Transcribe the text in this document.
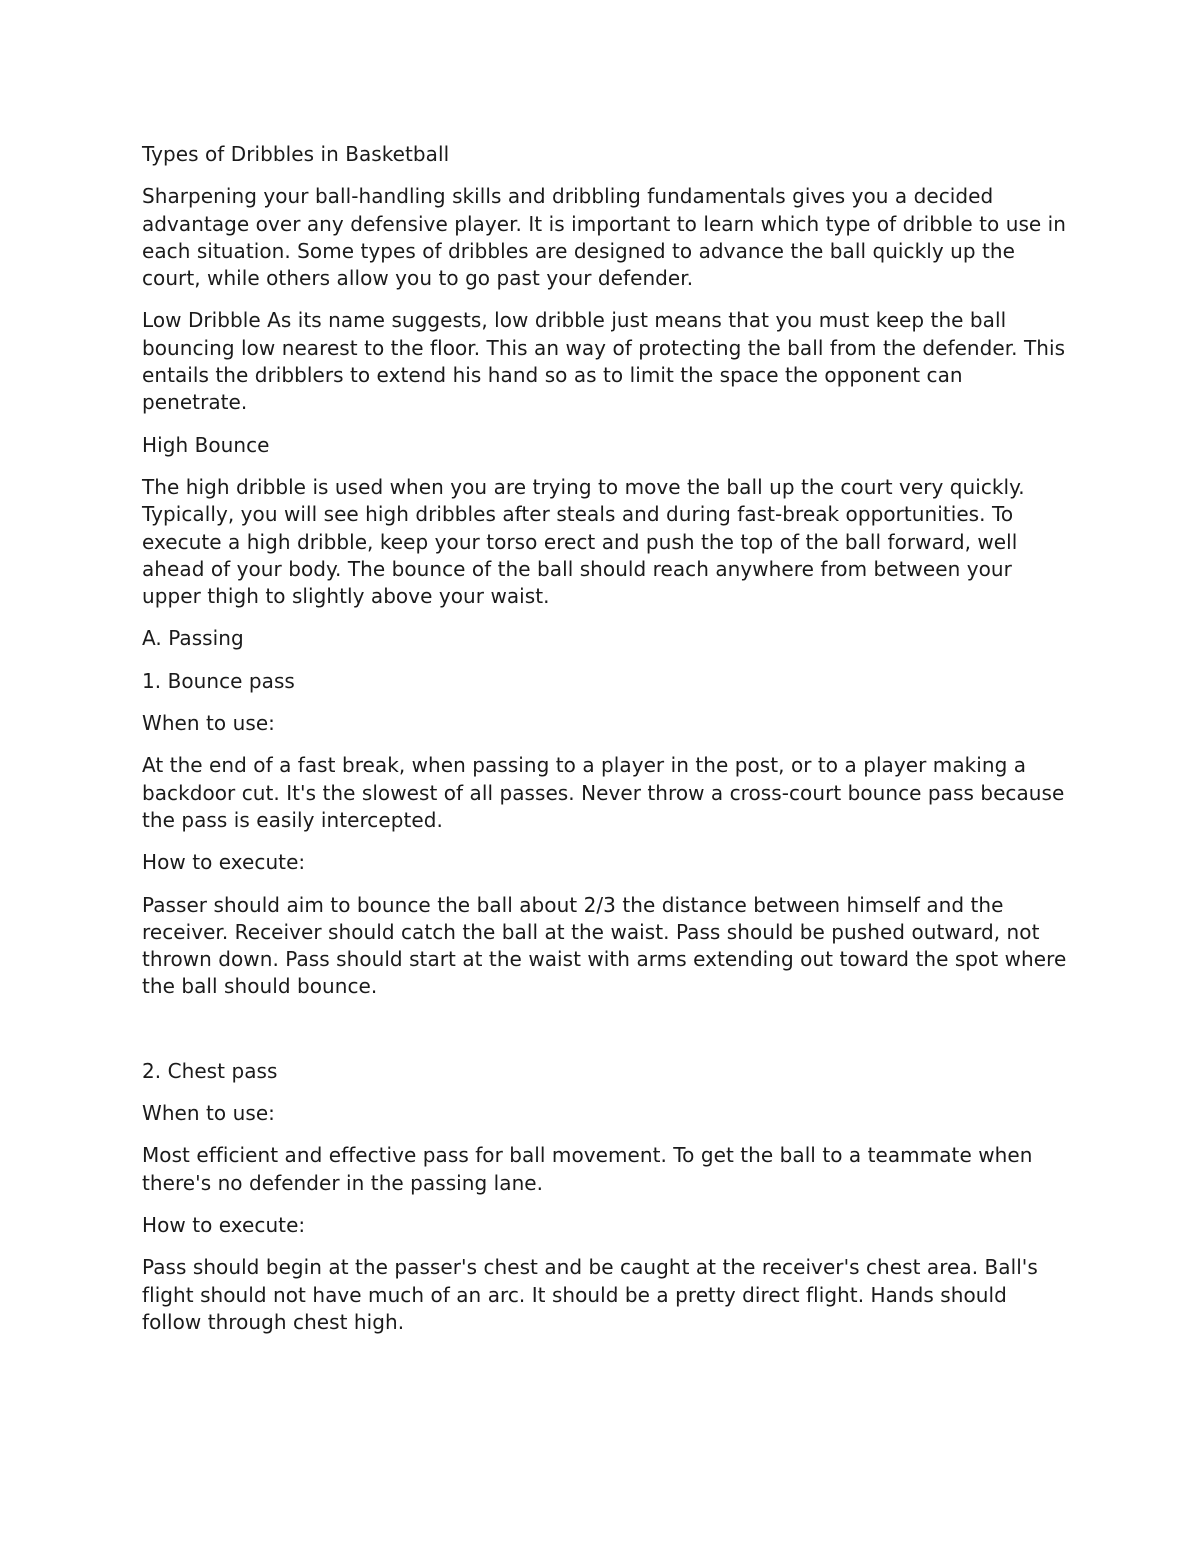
Types of Dribbles in Basketball

Sharpening your ball-handling skills and dribbling fundamentals gives you a decided advantage over any defensive player. It is important to learn which type of dribble to use in each situation. Some types of dribbles are designed to advance the ball quickly up the court, while others allow you to go past your defender.

Low Dribble As its name suggests, low dribble just means that you must keep the ball bouncing low nearest to the floor. This an way of protecting the ball from the defender. This entails the dribblers to extend his hand so as to limit the space the opponent can penetrate.

High Bounce

The high dribble is used when you are trying to move the ball up the court very quickly. Typically, you will see high dribbles after steals and during fast-break opportunities. To execute a high dribble, keep your torso erect and push the top of the ball forward, well ahead of your body. The bounce of the ball should reach anywhere from between your upper thigh to slightly above your waist.

A. Passing

1. Bounce pass

When to use:

At the end of a fast break, when passing to a player in the post, or to a player making a backdoor cut. It's the slowest of all passes. Never throw a cross-court bounce pass because the pass is easily intercepted.

How to execute:

Passer should aim to bounce the ball about 2/3 the distance between himself and the receiver. Receiver should catch the ball at the waist. Pass should be pushed outward, not thrown down. Pass should start at the waist with arms extending out toward the spot where the ball should bounce.

2. Chest pass

When to use:

Most efficient and effective pass for ball movement. To get the ball to a teammate when there's no defender in the passing lane.

How to execute:

Pass should begin at the passer's chest and be caught at the receiver's chest area. Ball's flight should not have much of an arc. It should be a pretty direct flight. Hands should follow through chest high.
